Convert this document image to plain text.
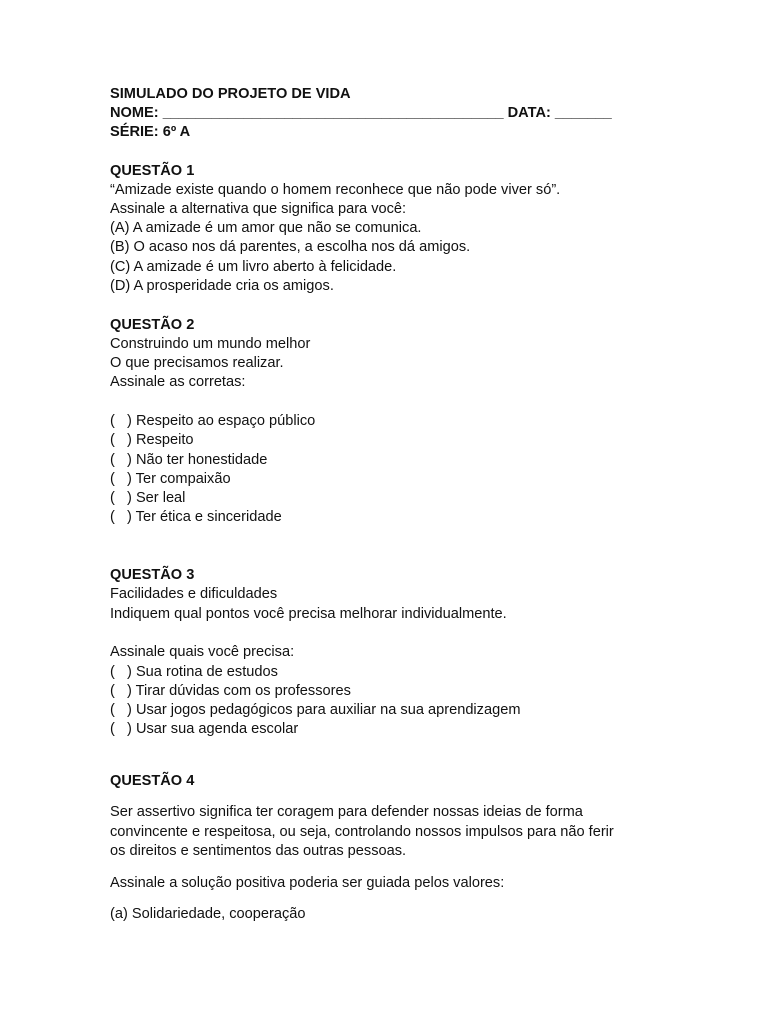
SIMULADO DO PROJETO DE VIDA
NOME: __________________________________________ DATA: _______
SÉRIE: 6º A
QUESTÃO 1
“Amizade existe quando o homem reconhece que não pode viver só”.
Assinale a alternativa que significa para você:
(A) A amizade é um amor que não se comunica.
(B) O acaso nos dá parentes, a escolha nos dá amigos.
(C) A amizade é um livro aberto à felicidade.
(D) A prosperidade cria os amigos.
QUESTÃO 2
Construindo um mundo melhor
O que precisamos realizar.
Assinale as corretas:
(   ) Respeito ao espaço público
(   ) Respeito
(   ) Não ter honestidade
(   ) Ter compaixão
(   ) Ser leal
(   ) Ter ética e sinceridade
QUESTÃO 3
Facilidades e dificuldades
Indiquem qual pontos você precisa melhorar individualmente.
Assinale quais você precisa:
(   ) Sua rotina de estudos
(   ) Tirar dúvidas com os professores
(   ) Usar jogos pedagógicos para auxiliar na sua aprendizagem
(   ) Usar sua agenda escolar
QUESTÃO 4
Ser assertivo significa ter coragem para defender nossas ideias de forma
convincente e respeitosa, ou seja, controlando nossos impulsos para não ferir
os direitos e sentimentos das outras pessoas.
Assinale a solução positiva poderia ser guiada pelos valores:
(a) Solidariedade, cooperação
